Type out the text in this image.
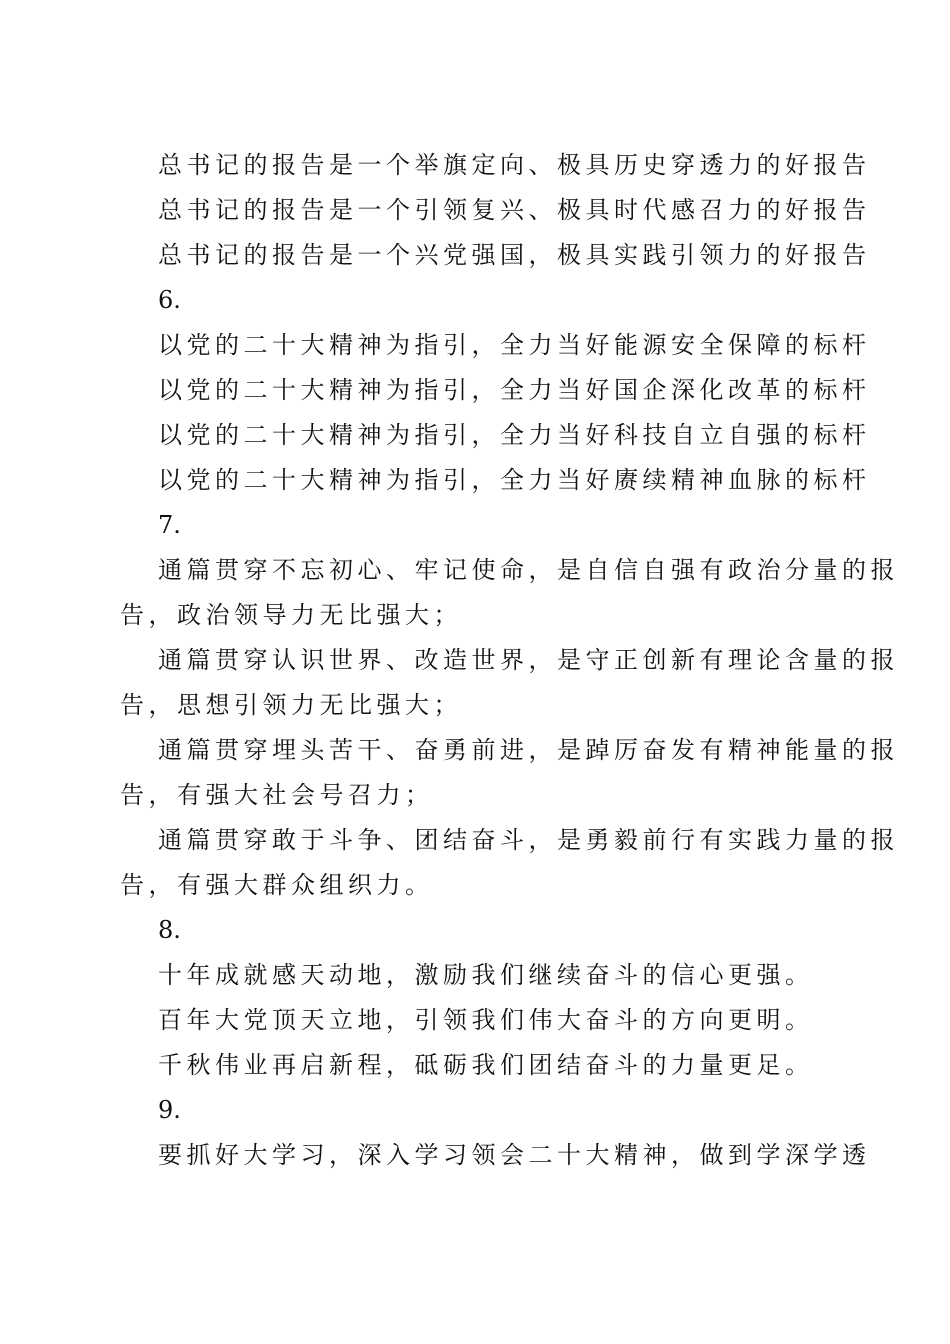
总书记的报告是一个举旗定向、极具历史穿透力的好报告
总书记的报告是一个引领复兴、极具时代感召力的好报告
总书记的报告是一个兴党强国，极具实践引领力的好报告
6.
以党的二十大精神为指引，全力当好能源安全保障的标杆
以党的二十大精神为指引，全力当好国企深化改革的标杆
以党的二十大精神为指引，全力当好科技自立自强的标杆
以党的二十大精神为指引，全力当好赓续精神血脉的标杆
7.
通篇贯穿不忘初心、牢记使命，是自信自强有政治分量的报
告，政治领导力无比强大；
通篇贯穿认识世界、改造世界，是守正创新有理论含量的报
告，思想引领力无比强大；
通篇贯穿埋头苦干、奋勇前进，是踔厉奋发有精神能量的报
告，有强大社会号召力；
通篇贯穿敢于斗争、团结奋斗，是勇毅前行有实践力量的报
告，有强大群众组织力。
8.
十年成就感天动地，激励我们继续奋斗的信心更强。
百年大党顶天立地，引领我们伟大奋斗的方向更明。
千秋伟业再启新程，砥砺我们团结奋斗的力量更足。
9.
要抓好大学习，深入学习领会二十大精神，做到学深学透
